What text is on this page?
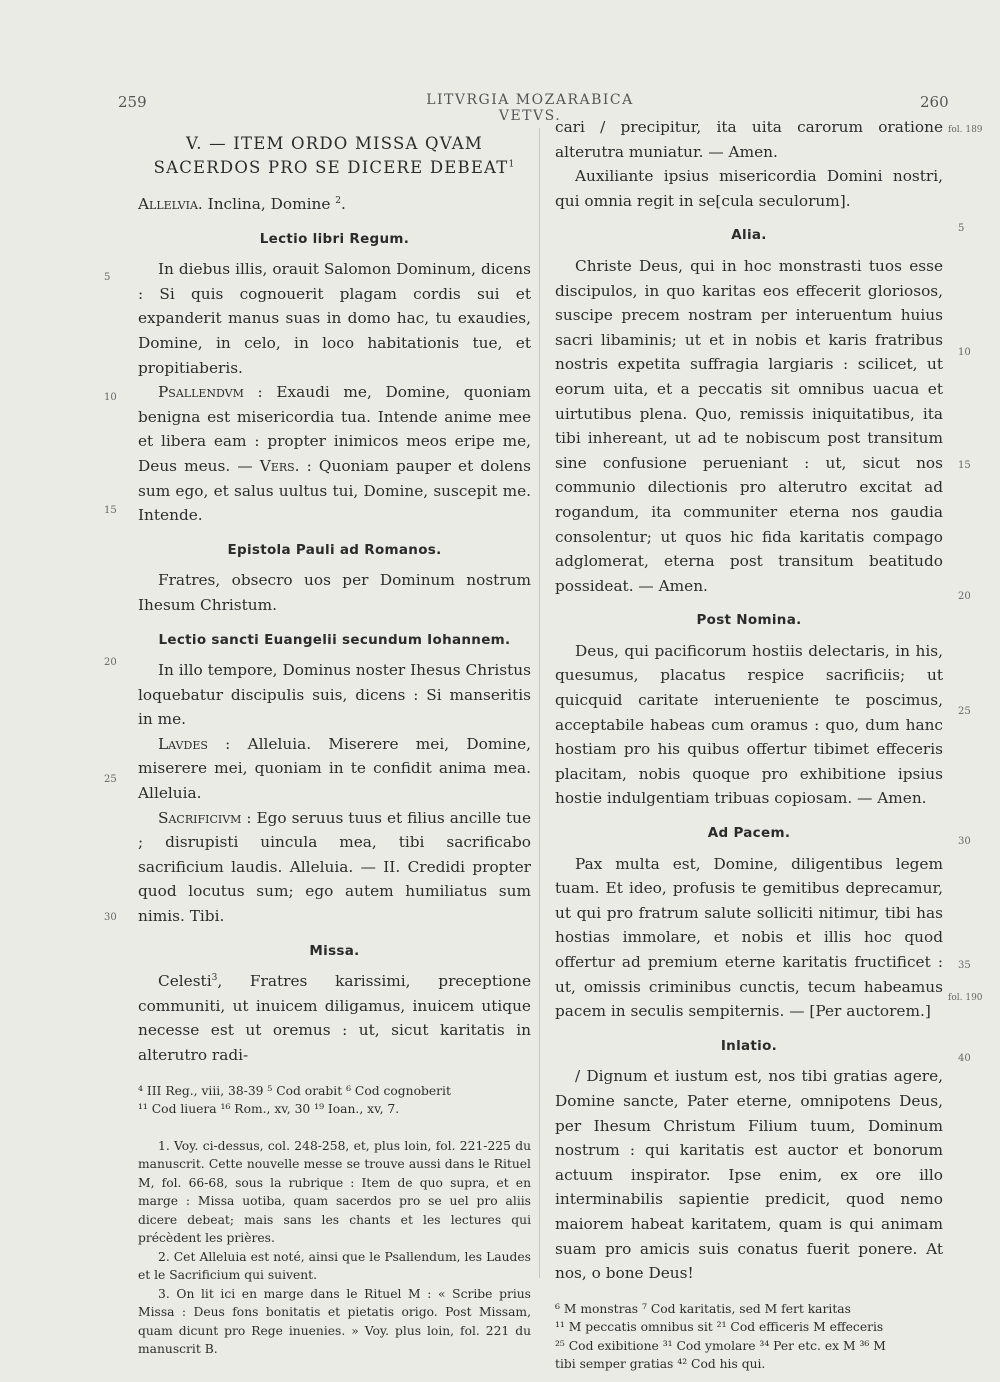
259	LITVRGIA MOZARABICA VETVS.
260
V. — ITEM ORDO MISSA QVAM SACERDOS PRO SE DICERE DEBEAT$^1$

Allelvia. Inclina, Domine $^2$.

Lectio libri Regum.

In diebus illis, orauit Salomon Dominum, dicens : Si quis cognouerit plagam cordis sui et expanderit manus suas in domo hac, tu exaudies, Domine, in celo, in loco habitationis tue, et propitiaberis.

Psallendvm : Exaudi me, Domine, quoniam benigna est misericordia tua. Intende anime mee et libera eam : propter inimicos meos eripe me, Deus meus. — Vers. : Quoniam pauper et dolens sum ego, et salus uultus tui, Domine, suscepit me. Intende.

Epistola Pauli ad Romanos.

Fratres, obsecro uos per Dominum nostrum Ihesum Christum.

Lectio sancti Euangelii secundum Iohannem.

In illo tempore, Dominus noster Ihesus Christus loquebatur discipulis suis, dicens : Si manseritis in me.

Lavdes : Alleluia. Miserere mei, Domine, miserere mei, quoniam in te confidit anima mea. Alleluia.

Sacrificivm : Ego seruus tuus et filius ancille tue ; disrupisti uincula mea, tibi sacrificabo sacrificium laudis. Alleluia. — II. Credidi propter quod locutus sum; ego autem humiliatus sum nimis. Tibi.

Missa.

Celesti$^3$, Fratres karissimi, preceptione communiti, ut inuicem diligamus, inuicem utique necesse est ut oremus : ut, sicut karitatis in alterutro radi-

⁴ III Reg., viii, 38-39 ⁵ Cod orabit ⁶ Cod cognoberit

¹¹ Cod liuera ¹⁶ Rom., xv, 30 ¹⁹ Ioan., xv, 7.

1. Voy. ci-dessus, col. 248-258, et, plus loin, fol. 221-225 du manuscrit. Cette nouvelle messe se trouve aussi dans le Rituel M, fol. 66-68, sous la rubrique : Item de quo supra, et en marge : Missa uotiba, quam sacerdos pro se uel pro aliis dicere debeat; mais sans les chants et les lectures qui précèdent les prières.

2. Cet Alleluia est noté, ainsi que le Psallendum, les Laudes et le Sacrificium qui suivent.

3. On lit ici en marge dans le Rituel M : « Scribe prius Missa : Deus fons bonitatis et pietatis origo. Post Missam, quam dicunt pro Rege inuenies. » Voy. plus loin, fol. 221 du manuscrit B.

cari / precipitur, ita uita carorum oratione alterutra muniatur. — Amen.

Auxiliante ipsius misericordia Domini nostri, qui omnia regit in se[cula seculorum].

Alia.

Christe Deus, qui in hoc monstrasti tuos esse discipulos, in quo karitas eos effecerit gloriosos, suscipe precem nostram per interuentum huius sacri libaminis; ut et in nobis et karis fratribus nostris expetita suffragia largiaris : scilicet, ut eorum uita, et a peccatis sit omnibus uacua et uirtutibus plena. Quo, remissis iniquitatibus, ita tibi inhereant, ut ad te nobiscum post transitum sine confusione perueniant : ut, sicut nos communio dilectionis pro alterutro excitat ad rogandum, ita communiter eterna nos gaudia consolentur; ut quos hic fida karitatis compago adglomerat, eterna post transitum beatitudo possideat. — Amen.

Post Nomina.

Deus, qui pacificorum hostiis delectaris, in his, quesumus, placatus respice sacrificiis; ut quicquid caritate interueniente te poscimus, acceptabile habeas cum oramus : quo, dum hanc hostiam pro his quibus offertur tibimet effeceris placitam, nobis quoque pro exhibitione ipsius hostie indulgentiam tribuas copiosam. — Amen.

Ad Pacem.

Pax multa est, Domine, diligentibus legem tuam. Et ideo, profusis te gemitibus deprecamur, ut qui pro fratrum salute solliciti nitimur, tibi has hostias immolare, et nobis et illis hoc quod offertur ad premium eterne karitatis fructificet : ut, omissis criminibus cunctis, tecum habeamus pacem in seculis sempiternis. — [Per auctorem.]

Inlatio.

/ Dignum et iustum est, nos tibi gratias agere, Domine sancte, Pater eterne, omnipotens Deus, per Ihesum Christum Filium tuum, Dominum nostrum : qui karitatis est auctor et bonorum actuum inspirator. Ipse enim, ex ore illo interminabilis sapientie predicit, quod nemo maiorem habeat karitatem, quam is qui animam suam pro amicis suis conatus fuerit ponere. At nos, o bone Deus!

⁶ M monstras ⁷ Cod karitatis, sed M fert karitas

¹¹ M peccatis omnibus sit ²¹ Cod efficeris M effeceris

²⁵ Cod exibitione ³¹ Cod ymolare ³⁴ Per etc. ex M ³⁶ M

tibi semper gratias ⁴² Cod his qui.

5
10
15
20
25
30
fol. 189
5
10
15
20
25
30
35
fol. 190
40
